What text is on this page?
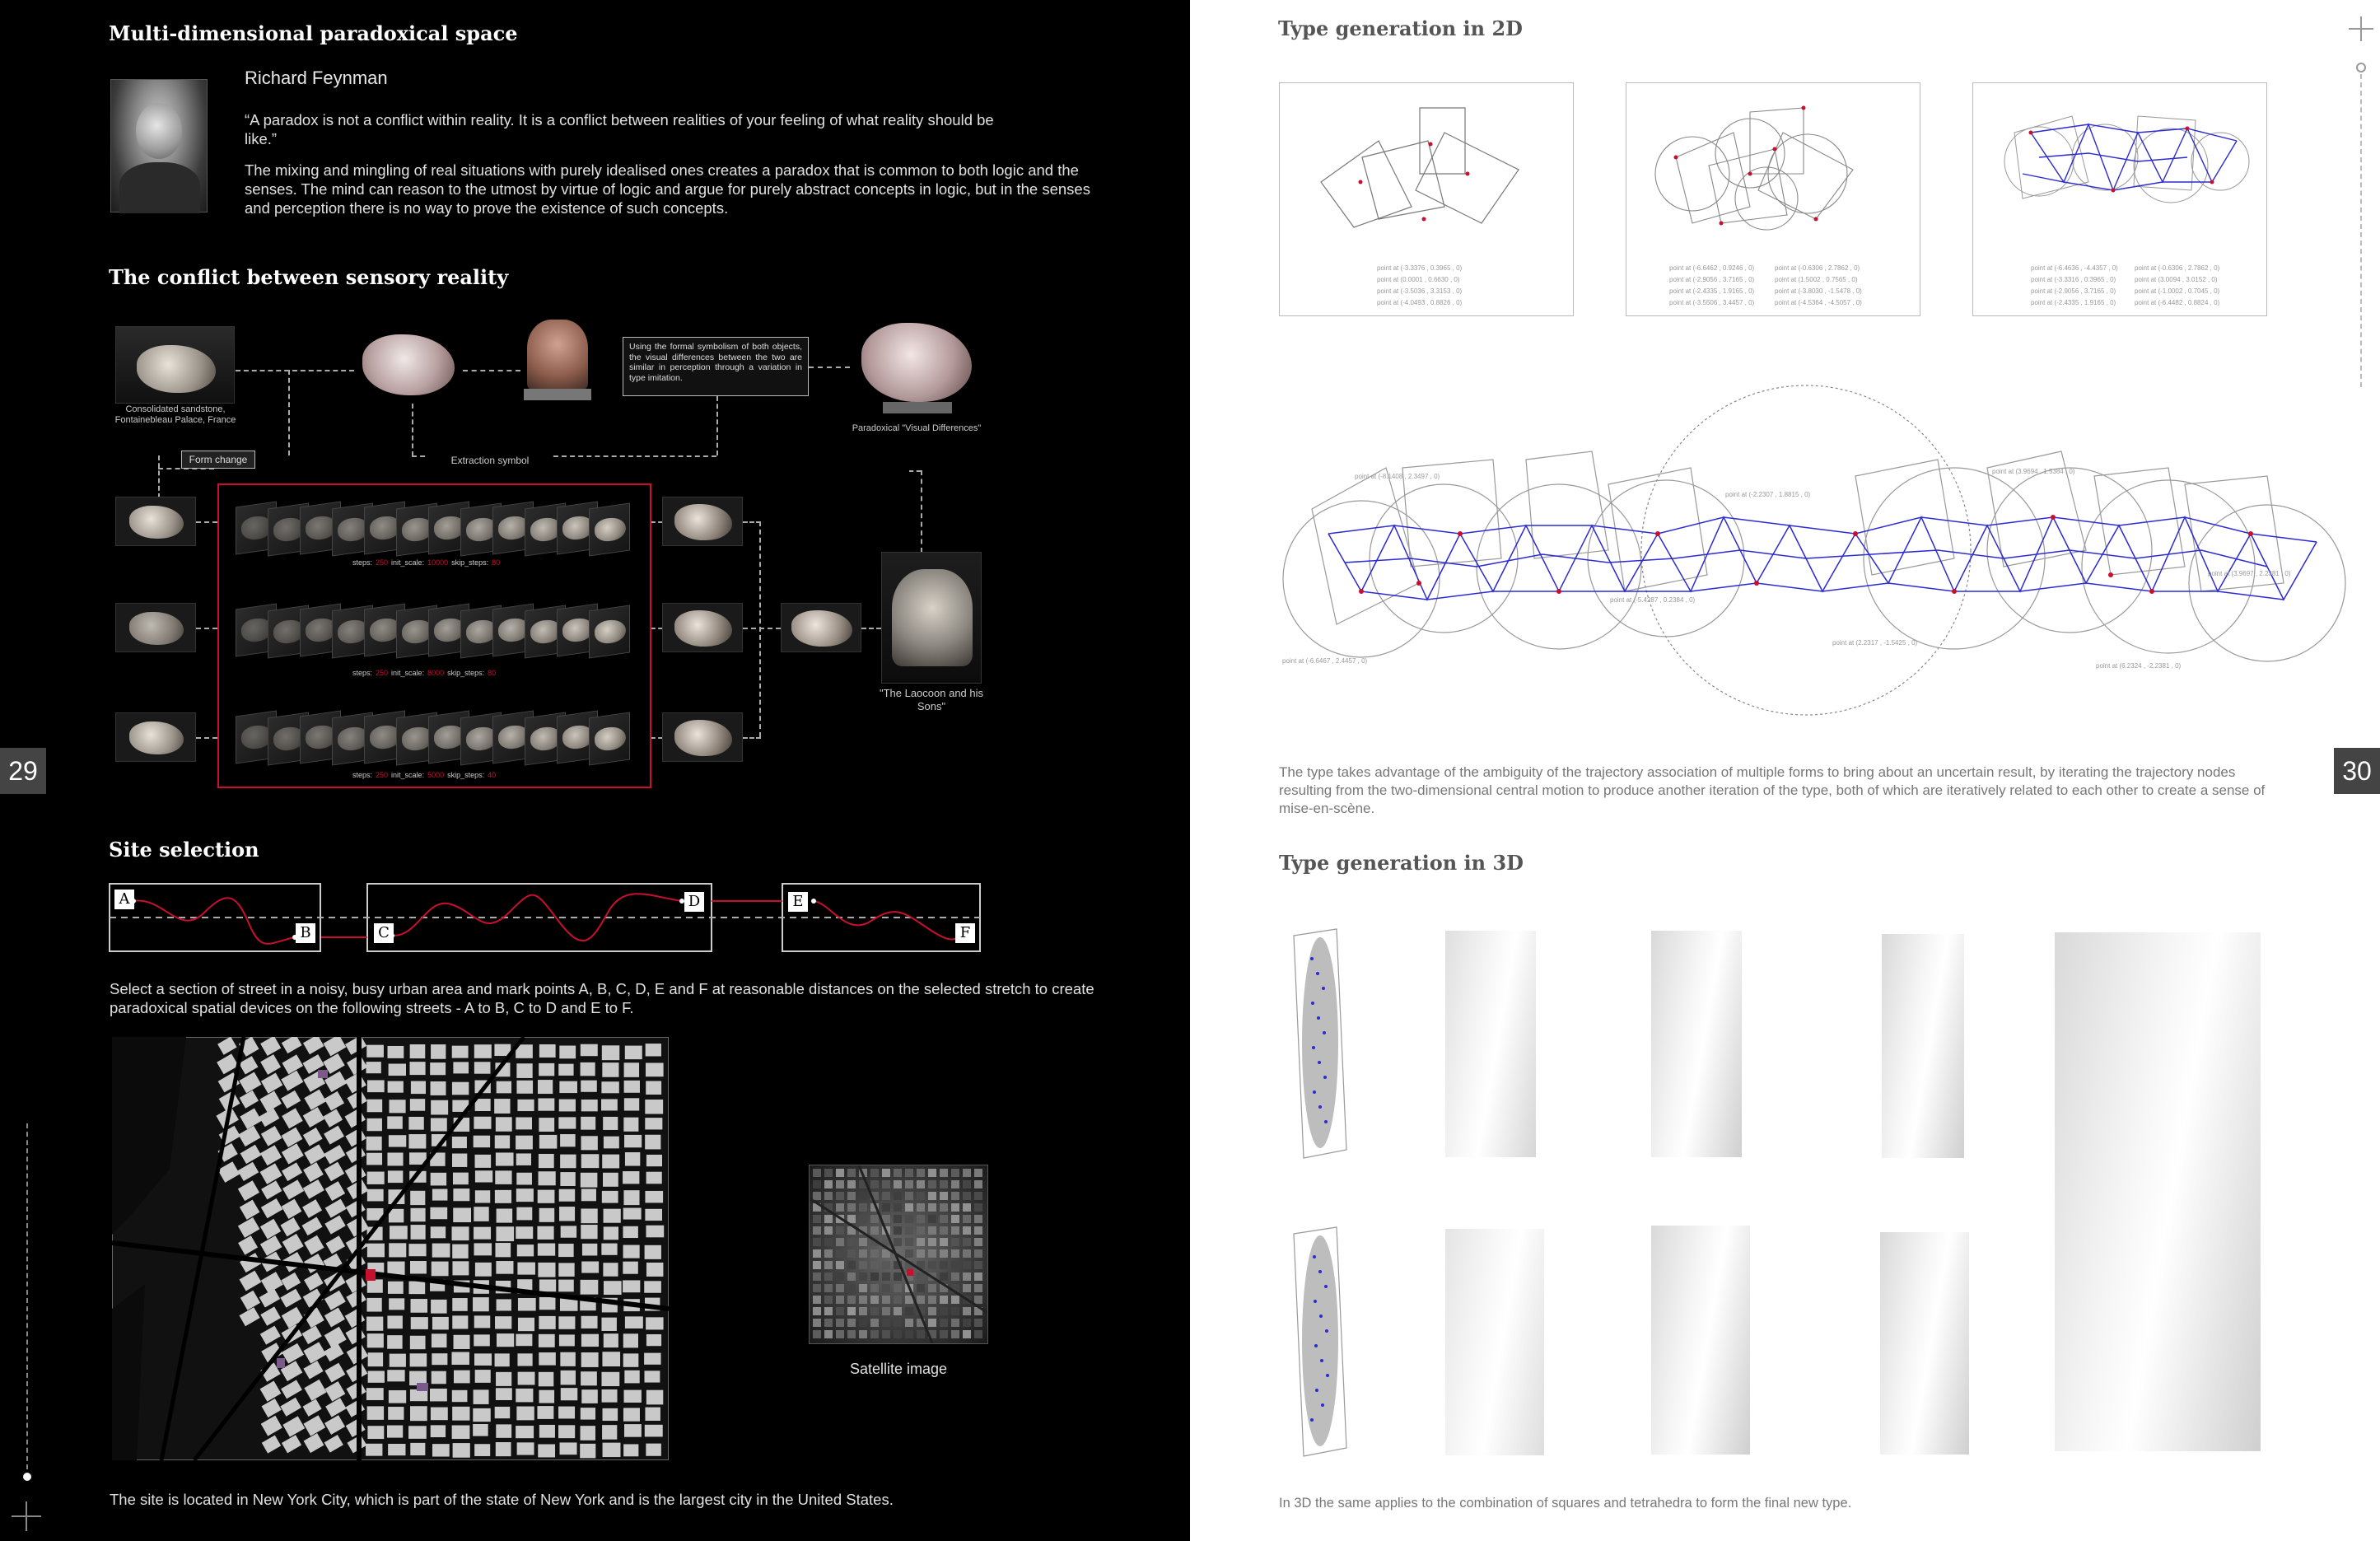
Multi-dimensional paradoxical space
Richard Feynman
“A paradox is not a conflict within reality. It is a conflict between realities of your feeling of what reality should be like.”
The mixing and mingling of real situations with purely idealised ones creates a paradox that is common to both logic and the senses. The mind can reason to the utmost by virtue of logic and argue for purely abstract concepts in logic, but in the senses and perception there is no way to prove the existence of such concepts.
The conflict between sensory reality
Consolidated sandstone, Fontainebleau Palace, France
Using the formal symbolism of both objects, the visual differences between the two are similar in perception through a variation in type imitation.
Paradoxical "Visual Differences"
Form change	Extraction symbol
"The Laocoon and his Sons"
Site selection
A
B	C
D	E
F
Select a section of street in a noisy, busy urban area and mark points A, B, C, D, E and F at reasonable distances on the selected stretch to create paradoxical spatial devices on the following streets - A to B, C to D and E to F.
Satellite image
The site is located in New York City, which is part of the state of New York and is the largest city in the United States.
29
steps: 250 init_scale: 10000 skip_steps: 80
steps: 250 init_scale: 8000 skip_steps: 80
steps: 250 init_scale: 5000 skip_steps: 40
Type generation in 2D
point at (-3.3376 , 0.3965 , 0)
point at (0.0001 , 0.6630 , 0)
point at (-3.5036 , 3.3153 , 0)
point at (-4.0493 , 0.8826 , 0)
point at (-6.6462 , 0.9246 , 0)
point at (-2.9056 , 3.7165 , 0)
point at (-2.4335 , 1.9165 , 0)
point at (-3.5506 , 3.4457 , 0)
point at (-0.6306 , 2.7862 , 0)
point at (1.5002 , 0.7565 , 0)
point at (-3.8030 , -1.5478 , 0)
point at (-4.5364 , -4.5057 , 0)
point at (-6.4636 , -4.4357 , 0)
point at (-3.3316 , 0.3965 , 0)
point at (-2.9056 , 3.7165 , 0)
point at (-2.4335 , 1.9165 , 0)
point at (-0.6306 , 2.7862 , 0)
point at (3.0094 , 3.0152 , 0)
point at (-1.0002 , 0.7045 , 0)
point at (-6.4482 , 0.8824 , 0)
point at (-8.1408 , 2.3497 , 0)
point at (-2.2307 , 1.8815 , 0)
point at (3.9694 , 1.5384 , 0)
point at (-5.4287 , 0.2384 , 0)
point at (-6.6467 , 2.4457 , 0)
point at (2.2317 , -1.5425 , 0)
point at (6.2324 , -2.2381 , 0)
point at (3.9697 , 2.2381 , 0)
The type takes advantage of the ambiguity of the trajectory association of multiple forms to bring about an uncertain result, by iterating the trajectory nodes resulting from the two-dimensional central motion to produce another iteration of the type, both of which are iteratively related to each other to create a sense of mise-en-scène.
Type generation in 3D
In 3D the same applies to the combination of squares and tetrahedra to form the final new type.
30
